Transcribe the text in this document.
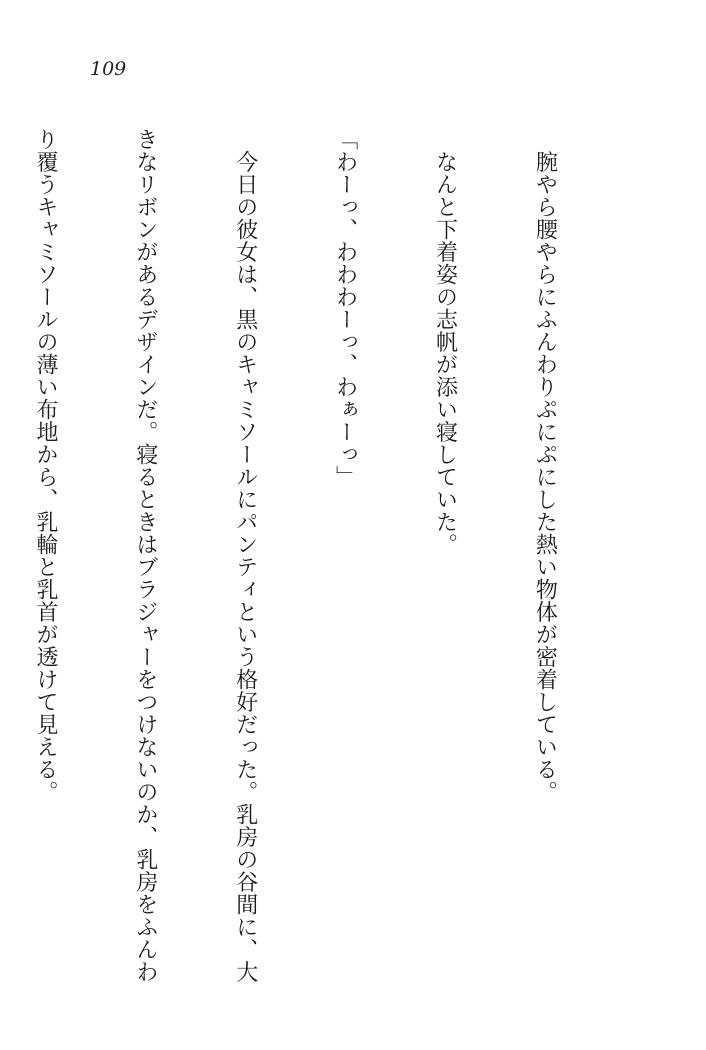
109

　腕やら腰やらにふんわりぷにぷにした熱い物体が密着している。

　なんと下着姿の志帆が添い寝していた。

「わーっ、わわわーっ、わぁーっ」

　今日の彼女は、黒のキャミソールにパンティという格好だった。乳房の谷間に、大

きなリボンがあるデザインだ。寝るときはブラジャーをつけないのか、乳房をふんわ

り覆うキャミソールの薄い布地から、乳輪と乳首が透けて見える。
